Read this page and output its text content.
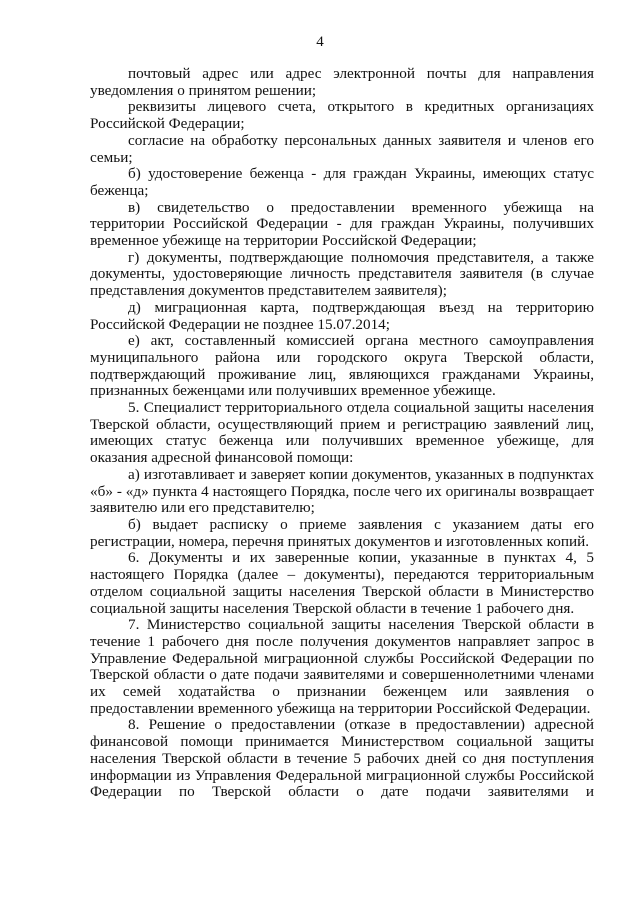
4

почтовый адрес или адрес электронной почты для направления уведомления о принятом решении;

реквизиты лицевого счета, открытого в кредитных организациях Российской Федерации;

согласие на обработку персональных данных заявителя и членов его семьи;

б) удостоверение беженца - для граждан Украины, имеющих статус беженца;

в) свидетельство о предоставлении временного убежища на территории Российской Федерации - для граждан Украины, получивших временное убежище на территории Российской Федерации;

г) документы, подтверждающие полномочия представителя, а также документы, удостоверяющие личность представителя заявителя (в случае представления документов представителем заявителя);

д) миграционная карта, подтверждающая въезд на территорию Российской Федерации не позднее 15.07.2014;

е) акт, составленный комиссией органа местного самоуправления муниципального района или городского округа Тверской области, подтверждающий проживание лиц, являющихся гражданами Украины, признанных беженцами или получивших временное убежище.

5. Специалист территориального отдела социальной защиты населения Тверской области, осуществляющий прием и регистрацию заявлений лиц, имеющих статус беженца или получивших временное убежище, для оказания адресной финансовой помощи:

а) изготавливает и заверяет копии документов, указанных в подпунктах «б» - «д» пункта 4 настоящего Порядка, после чего их оригиналы возвращает заявителю или его представителю;

б) выдает расписку о приеме заявления с указанием даты его регистрации, номера, перечня принятых документов и изготовленных копий.

6. Документы и их заверенные копии, указанные в пунктах 4, 5 настоящего Порядка (далее – документы), передаются территориальным отделом социальной защиты населения Тверской области в Министерство социальной защиты населения Тверской области в течение 1 рабочего дня.

7. Министерство социальной защиты населения Тверской области в течение 1 рабочего дня после получения документов направляет запрос в Управление Федеральной миграционной службы Российской Федерации по Тверской области о дате подачи заявителями и совершеннолетними членами их семей ходатайства о признании беженцем или заявления о предоставлении временного убежища на территории Российской Федерации.

8. Решение о предоставлении (отказе в предоставлении) адресной финансовой помощи принимается Министерством социальной защиты населения Тверской области в течение 5 рабочих дней со дня поступления информации из Управления Федеральной миграционной службы Российской Федерации по Тверской области о дате подачи заявителями и
